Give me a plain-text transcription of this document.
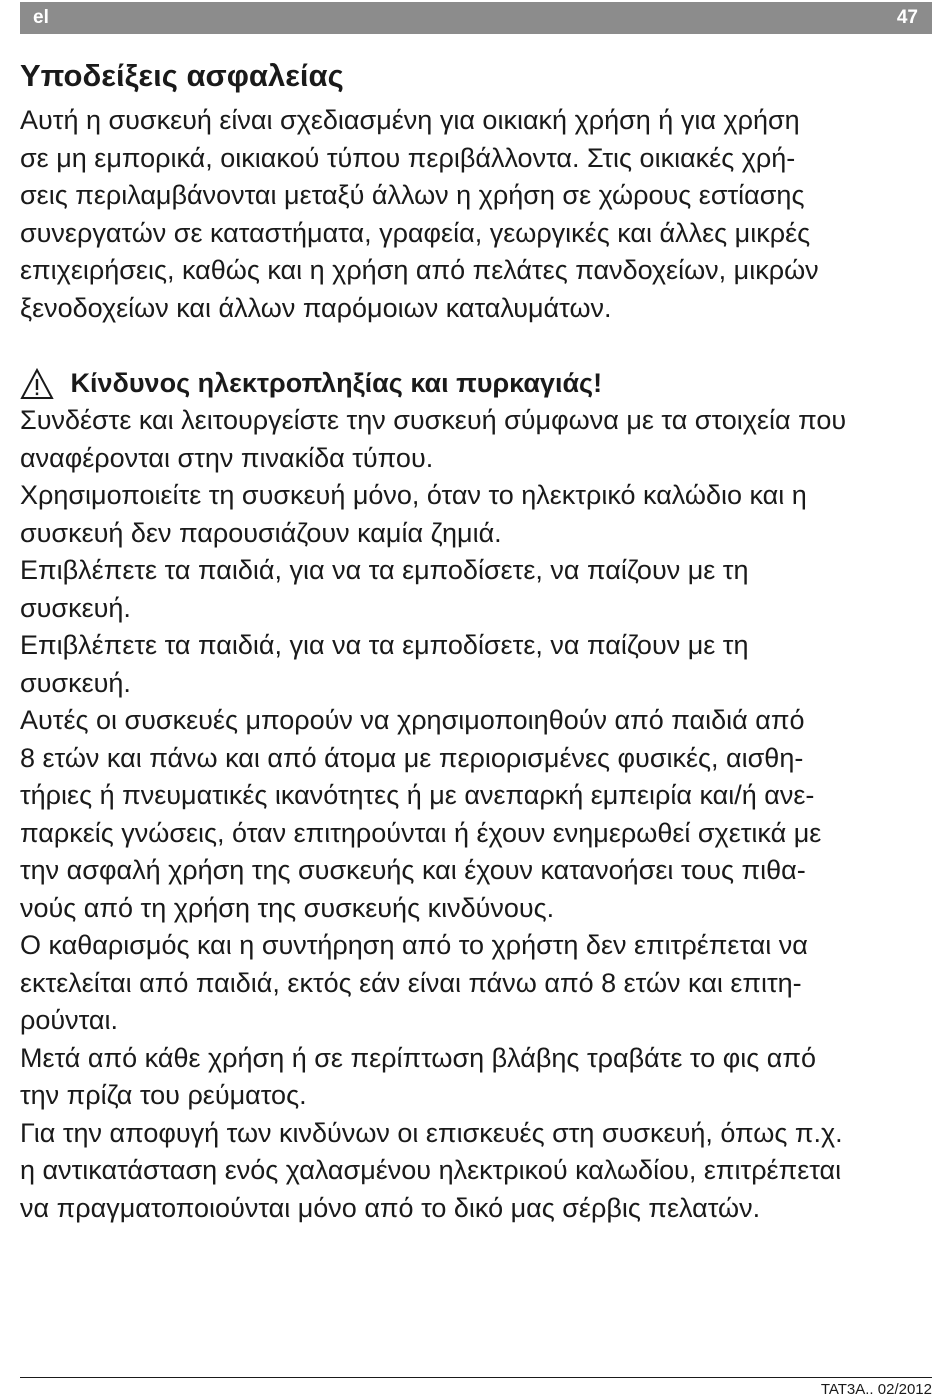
el	47
Υποδείξεις ασφαλείας
Αυτή η συσκευή είναι σχεδιασμένη για οικιακή χρήση ή για χρήση
σε μη εμπορικά, οικιακού τύπου περιβάλλοντα. Στις οικιακές χρή-
σεις περιλαμβάνονται μεταξύ άλλων η χρήση σε χώρους εστίασης
συνεργατών σε καταστήματα, γραφεία, γεωργικές και άλλες μικρές
επιχειρήσεις, καθώς και η χρήση από πελάτες πανδοχείων, μικρών
ξενοδοχείων και άλλων παρόμοιων καταλυμάτων.
Κίνδυνος ηλεκτροπληξίας και πυρκαγιάς!
Συνδέστε και λειτουργείστε την συσκευή σύμφωνα με τα στοιχεία που
αναφέρονται στην πινακίδα τύπου.
Χρησιμοποιείτε τη συσκευή μόνο, όταν το ηλεκτρικό καλώδιο και η
συσκευή δεν παρουσιάζουν καμία ζημιά.
Επιβλέπετε τα παιδιά, για να τα εμποδίσετε, να παίζουν με τη
συσκευή.
Επιβλέπετε τα παιδιά, για να τα εμποδίσετε, να παίζουν με τη
συσκευή.
Αυτές οι συσκευές μπορούν να χρησιμοποιηθούν από παιδιά από
8 ετών και πάνω και από άτομα με περιορισμένες φυσικές, αισθη-
τήριες ή πνευματικές ικανότητες ή με ανεπαρκή εμπειρία και/ή ανε-
παρκείς γνώσεις, όταν επιτηρούνται ή έχουν ενημερωθεί σχετικά με
την ασφαλή χρήση της συσκευής και έχουν κατανοήσει τους πιθα-
νούς από τη χρήση της συσκευής κινδύνους.
Ο καθαρισμός και η συντήρηση από το χρήστη δεν επιτρέπεται να
εκτελείται από παιδιά, εκτός εάν είναι πάνω από 8 ετών και επιτη-
ρούνται.
Μετά από κάθε χρήση ή σε περίπτωση βλάβης τραβάτε το φις από
την πρίζα του ρεύματος.
Για την αποφυγή των κινδύνων οι επισκευές στη συσκευή, όπως π.χ.
η αντικατάσταση ενός χαλασμένου ηλεκτρικού καλωδίου, επιτρέπεται
να πραγματοποιούνται μόνο από το δικό μας σέρβις πελατών.
TAT3A.. 02/2012
